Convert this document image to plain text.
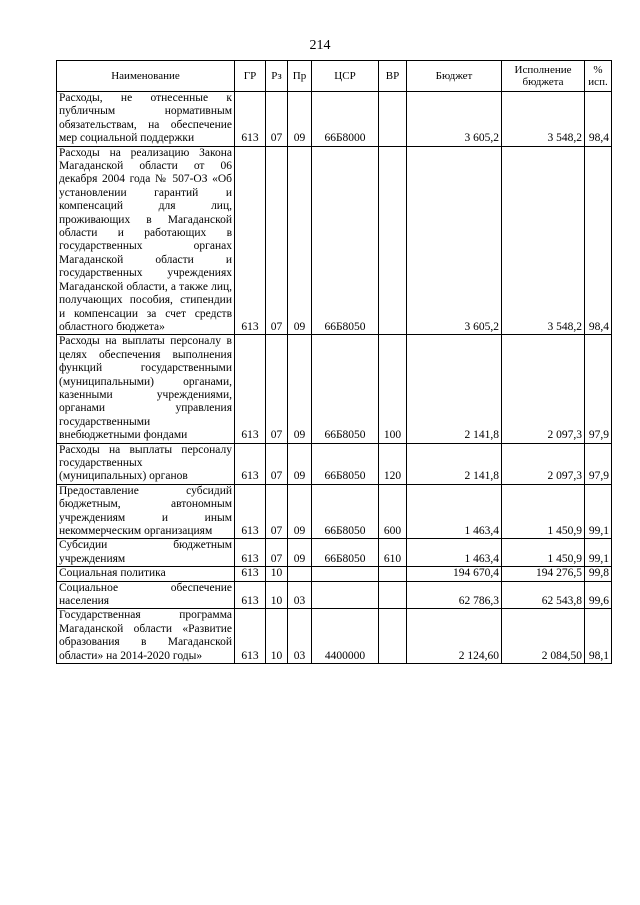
214
Наименование	ГР	Рз	Пр	ЦСР	ВР	Бюджет	Исполнение бюджета	% исп.
Расходы, не отнесенные к публичным нормативным обязательствам, на обеспечение мер социальной поддержки	613	07	09	66Б8000		3 605,2	3 548,2	98,4
Расходы на реализацию Закона Магаданской области от 06 декабря 2004 года № 507-ОЗ «Об установлении гарантий и компенсаций для лиц, проживающих в Магаданской области и работающих в государственных органах Магаданской области и государственных учреждениях Магаданской области, а также лиц, получающих пособия, стипендии и компенсации за счет средств областного бюджета»	613	07	09	66Б8050		3 605,2	3 548,2	98,4
Расходы на выплаты персоналу в целях обеспечения выполнения функций государственными (муниципальными) органами, казенными учреждениями, органами управления государственными внебюджетными фондами	613	07	09	66Б8050	100	2 141,8	2 097,3	97,9
Расходы на выплаты персоналу государственных (муниципальных) органов	613	07	09	66Б8050	120	2 141,8	2 097,3	97,9
Предоставление субсидий бюджетным, автономным учреждениям и иным некоммерческим организациям	613	07	09	66Б8050	600	1 463,4	1 450,9	99,1
Субсидии бюджетным учреждениям	613	07	09	66Б8050	610	1 463,4	1 450,9	99,1
Социальная политика	613	10				194 670,4	194 276,5	99,8
Социальное обеспечение населения	613	10	03			62 786,3	62 543,8	99,6
Государственная программа Магаданской области «Развитие образования в Магаданской области» на 2014-2020 годы»	613	10	03	4400000		2 124,60	2 084,50	98,1
